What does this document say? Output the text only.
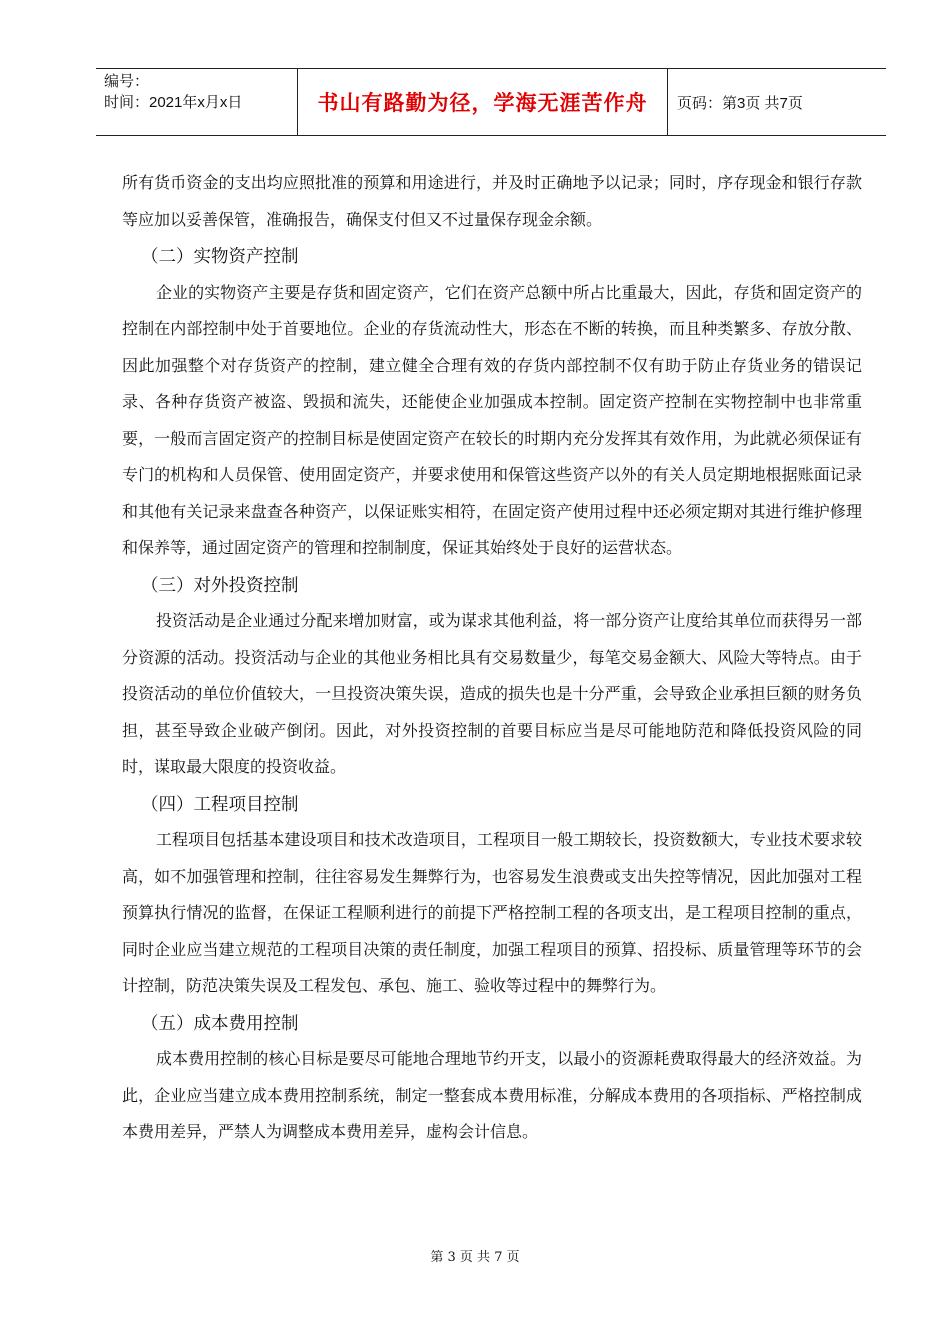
编号：
时间：2021年x月x日	书山有路勤为径，学海无涯苦作舟	页码：第3页 共7页

所有货币资金的支出均应照批准的预算和用途进行，并及时正确地予以记录；同时，序存现金和银行存款等应加以妥善保管，准确报告，确保支付但又不过量保存现金余额。

（二）实物资产控制

企业的实物资产主要是存货和固定资产，它们在资产总额中所占比重最大，因此，存货和固定资产的控制在内部控制中处于首要地位。企业的存货流动性大，形态在不断的转换，而且种类繁多、存放分散、因此加强整个对存货资产的控制，建立健全合理有效的存货内部控制不仅有助于防止存货业务的错误记录、各种存货资产被盗、毁损和流失，还能使企业加强成本控制。固定资产控制在实物控制中也非常重要，一般而言固定资产的控制目标是使固定资产在较长的时期内充分发挥其有效作用，为此就必须保证有专门的机构和人员保管、使用固定资产，并要求使用和保管这些资产以外的有关人员定期地根据账面记录和其他有关记录来盘查各种资产，以保证账实相符，在固定资产使用过程中还必须定期对其进行维护修理和保养等，通过固定资产的管理和控制制度，保证其始终处于良好的运营状态。

（三）对外投资控制

投资活动是企业通过分配来增加财富，或为谋求其他利益，将一部分资产让度给其单位而获得另一部分资源的活动。投资活动与企业的其他业务相比具有交易数量少，每笔交易金额大、风险大等特点。由于投资活动的单位价值较大，一旦投资决策失误，造成的损失也是十分严重，会导致企业承担巨额的财务负担，甚至导致企业破产倒闭。因此，对外投资控制的首要目标应当是尽可能地防范和降低投资风险的同时，谋取最大限度的投资收益。

（四）工程项目控制

工程项目包括基本建设项目和技术改造项目，工程项目一般工期较长，投资数额大，专业技术要求较高，如不加强管理和控制，往往容易发生舞弊行为，也容易发生浪费或支出失控等情况，因此加强对工程预算执行情况的监督，在保证工程顺利进行的前提下严格控制工程的各项支出，是工程项目控制的重点，同时企业应当建立规范的工程项目决策的责任制度，加强工程项目的预算、招投标、质量管理等环节的会计控制，防范决策失误及工程发包、承包、施工、验收等过程中的舞弊行为。

（五）成本费用控制

成本费用控制的核心目标是要尽可能地合理地节约开支，以最小的资源耗费取得最大的经济效益。为此，企业应当建立成本费用控制系统，制定一整套成本费用标准，分解成本费用的各项指标、严格控制成本费用差异，严禁人为调整成本费用差异，虚构会计信息。

第 3 页 共 7 页
